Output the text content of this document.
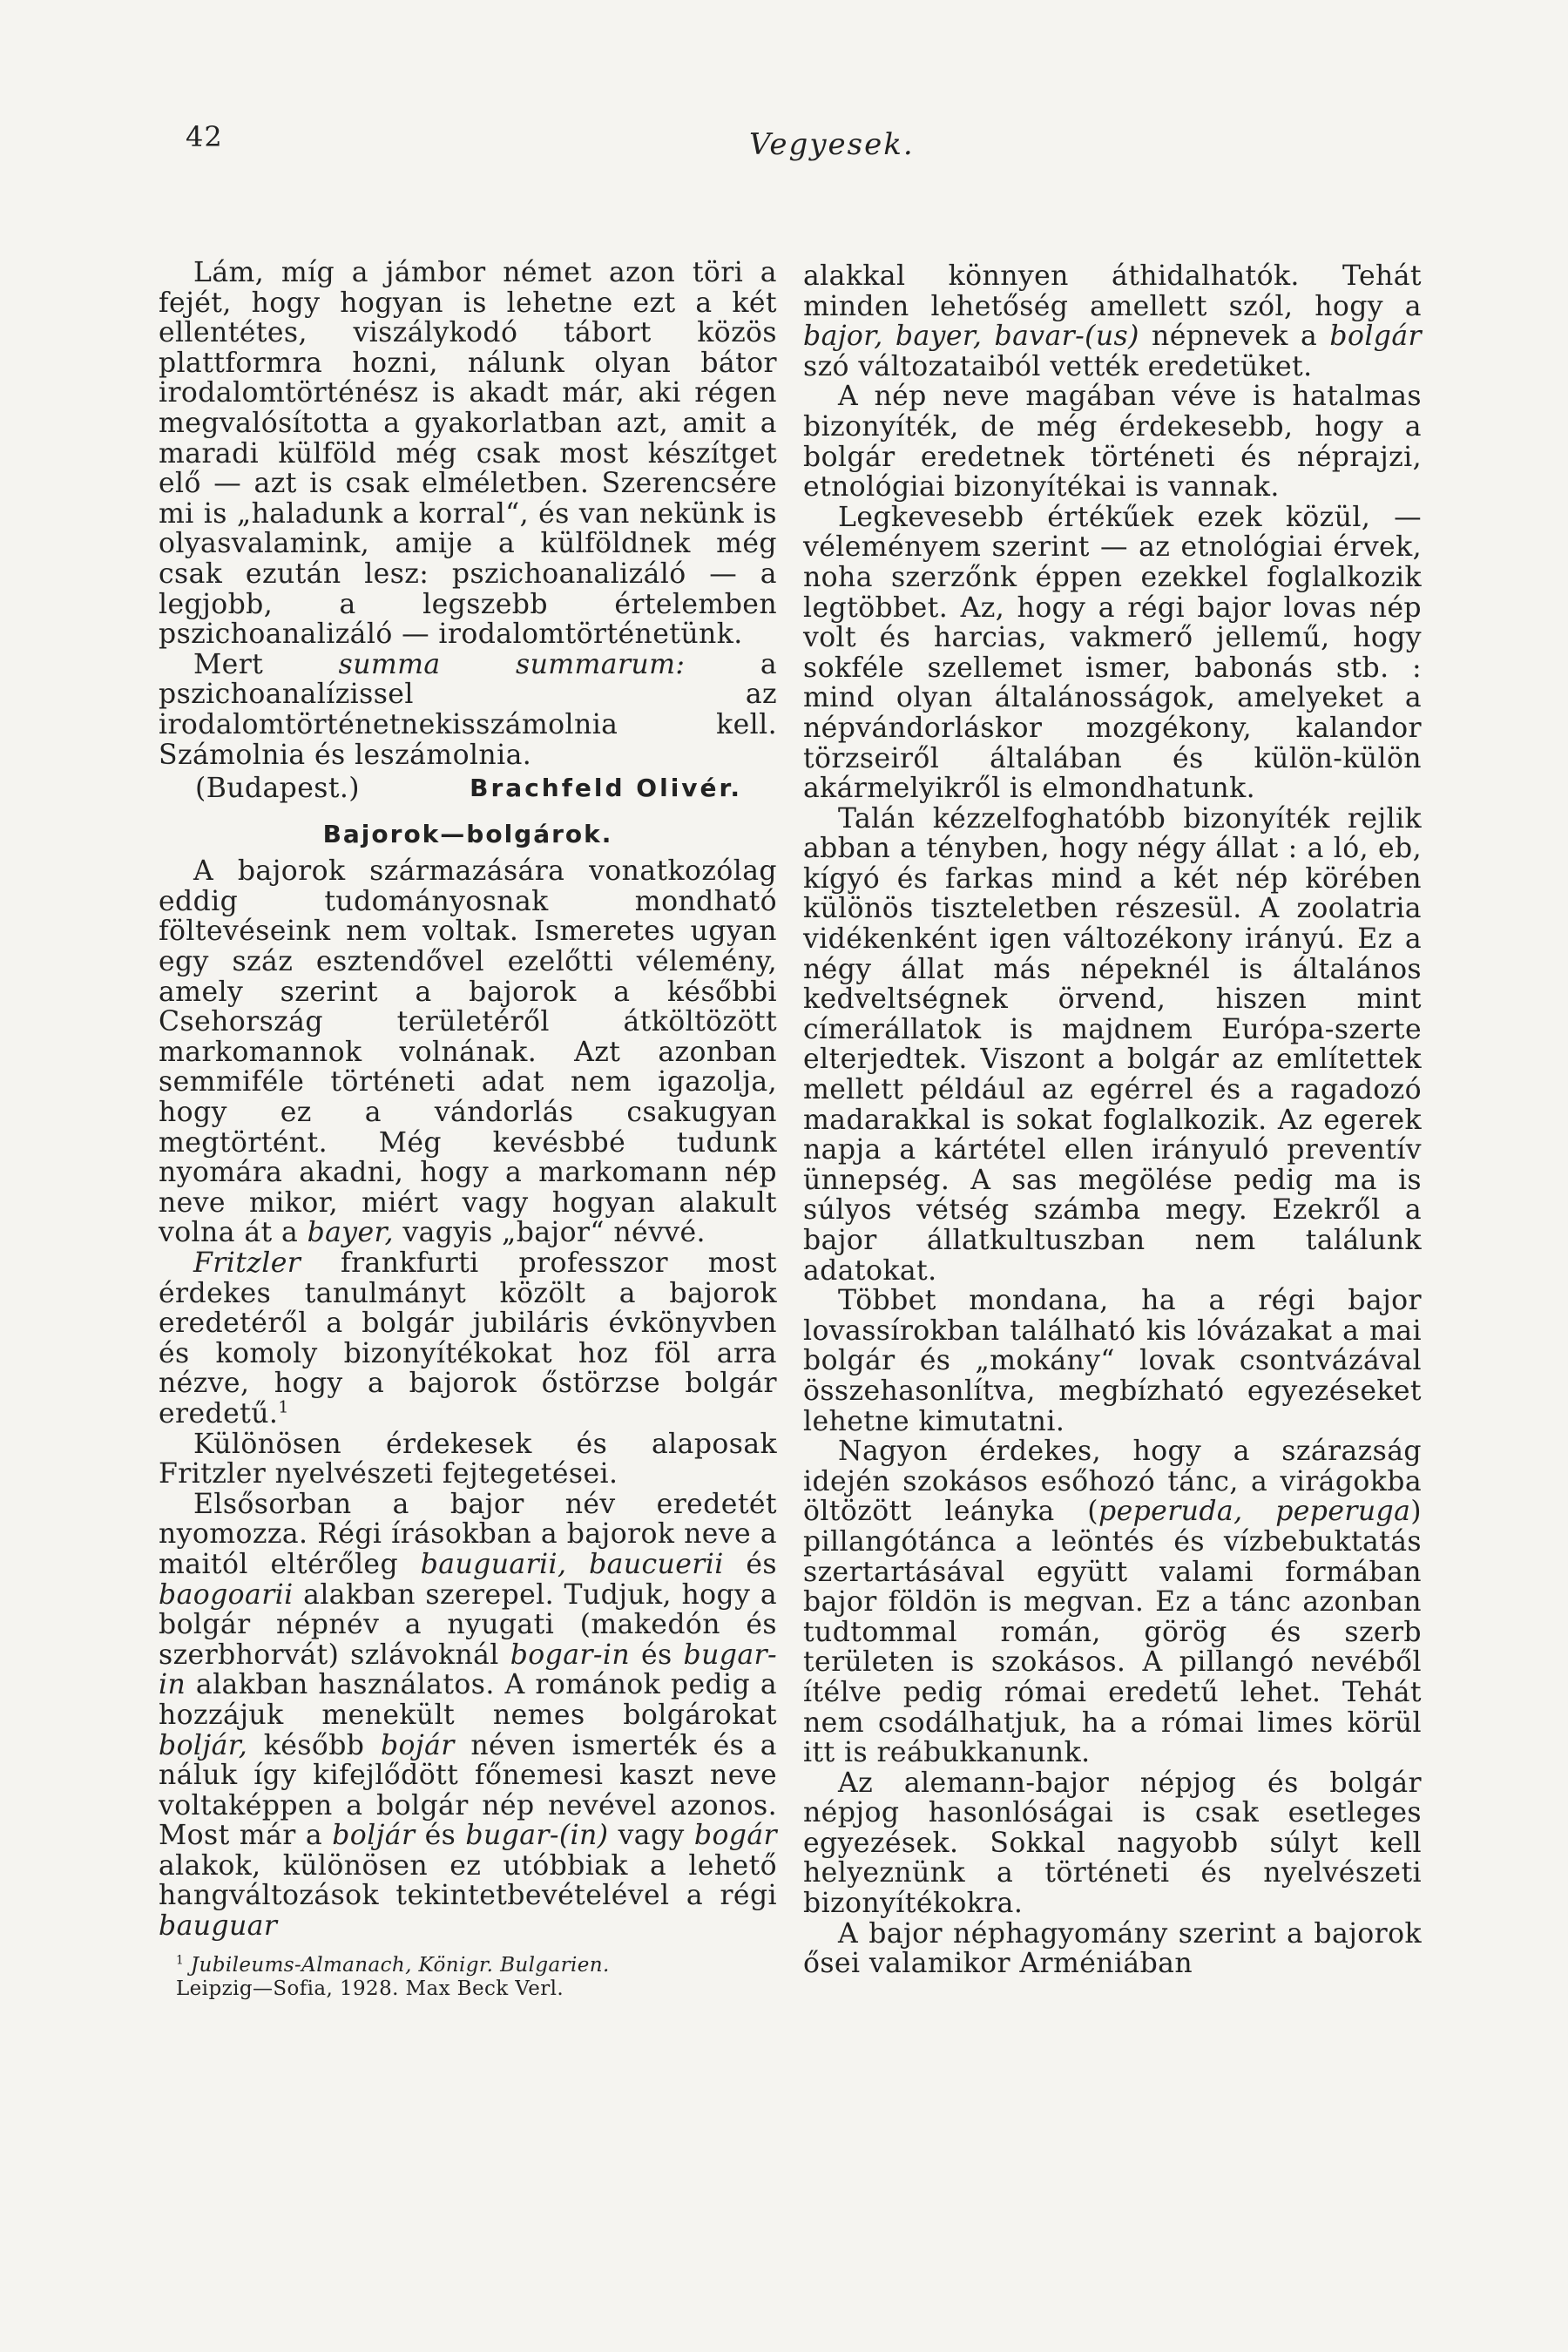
42	Vegyesek.

Lám, míg a jámbor német azon töri a fejét, hogy hogyan is lehetne ezt a két ellentétes, viszálykodó tábort közös plattformra hozni, nálunk olyan bátor irodalomtörténész is akadt már, aki régen megvalósította a gyakorlatban azt, amit a maradi külföld még csak most készítget elő — azt is csak elméletben. Szerencsére mi is „haladunk a korral“, és van nekünk is olyasvalamink, amije a külföldnek még csak ezután lesz: pszichoanalizáló — a legjobb, a legszebb értelemben pszichoanalizáló — irodalomtörténetünk.

Mert summa summarum: a pszichoanalízissel az irodalomtörténetnekisszámolnia kell. Számolnia és leszámolnia.

(Budapest.)	Brachfeld Olivér.
Bajorok—bolgárok.

A bajorok származására vonatkozólag eddig tudományosnak mondható föltevéseink nem voltak. Ismeretes ugyan egy száz esztendővel ezelőtti vélemény, amely szerint a bajorok a későbbi Csehország területéről átköltözött markomannok volnának. Azt azonban semmiféle történeti adat nem igazolja, hogy ez a vándorlás csakugyan megtörtént. Még kevésbbé tudunk nyomára akadni, hogy a markomann nép neve mikor, miért vagy hogyan alakult volna át a bayer, vagyis „bajor“ névvé.

Fritzler frankfurti professzor most érdekes tanulmányt közölt a bajorok eredetéről a bolgár jubiláris évkönyvben és komoly bizonyítékokat hoz föl arra nézve, hogy a bajorok őstörzse bolgár eredetű.$^1$

Különösen érdekesek és alaposak Fritzler nyelvészeti fejtegetései.

Elsősorban a bajor név eredetét nyomozza. Régi írásokban a bajorok neve a maitól eltérőleg bauguarii, baucuerii és baogoarii alakban szerepel. Tudjuk, hogy a bolgár népnév a nyugati (makedón és szerbhorvát) szlávoknál bogar-in és bugar-in alakban használatos. A románok pedig a hozzájuk menekült nemes bolgárokat boljár, később bojár néven ismerték és a náluk így kifejlődött főnemesi kaszt neve voltaképpen a bolgár nép nevével azonos. Most már a boljár és bugar-(in) vagy bogár alakok, különösen ez utóbbiak a lehető hangváltozások tekintetbevételével a régi bauguar

$^1$ Jubileums-Almanach, Königr. Bulgarien.
Leipzig—Sofia, 1928. Max Beck Verl.

alakkal könnyen áthidalhatók. Tehát minden lehetőség amellett szól, hogy a bajor, bayer, bavar-(us) népnevek a bolgár szó változataiból vették eredetüket.

A nép neve magában véve is hatalmas bizonyíték, de még érdekesebb, hogy a bolgár eredetnek történeti és néprajzi, etnológiai bizonyítékai is vannak.

Legkevesebb értékűek ezek közül, — véleményem szerint — az etnológiai érvek, noha szerzőnk éppen ezekkel foglalkozik legtöbbet. Az, hogy a régi bajor lovas nép volt és harcias, vakmerő jellemű, hogy sokféle szellemet ismer, babonás stb. : mind olyan általánosságok, amelyeket a népvándorláskor mozgékony, kalandor törzseiről általában és külön-külön akármelyikről is elmondhatunk.

Talán kézzelfoghatóbb bizonyíték rejlik abban a tényben, hogy négy állat : a ló, eb, kígyó és farkas mind a két nép körében különös tiszteletben részesül. A zoolatria vidékenként igen változékony irányú. Ez a négy állat más népeknél is általános kedveltségnek örvend, hiszen mint címerállatok is majdnem Európa-szerte elterjedtek. Viszont a bolgár az említettek mellett például az egérrel és a ragadozó madarakkal is sokat foglalkozik. Az egerek napja a kártétel ellen irányuló preventív ünnepség. A sas megölése pedig ma is súlyos vétség számba megy. Ezekről a bajor állatkultuszban nem találunk adatokat.

Többet mondana, ha a régi bajor lovassírokban található kis lóvázakat a mai bolgár és „mokány“ lovak csontvázával összehasonlítva, megbízható egyezéseket lehetne kimutatni.

Nagyon érdekes, hogy a szárazság idején szokásos esőhozó tánc, a virágokba öltözött leányka (peperuda, peperuga) pillangótánca a leöntés és vízbebuktatás szertartásával együtt valami formában bajor földön is megvan. Ez a tánc azonban tudtommal román, görög és szerb területen is szokásos. A pillangó nevéből ítélve pedig római eredetű lehet. Tehát nem csodálhatjuk, ha a római limes körül itt is reábukkanunk.

Az alemann-bajor népjog és bolgár népjog hasonlóságai is csak esetleges egyezések. Sokkal nagyobb súlyt kell helyeznünk a történeti és nyelvészeti bizonyítékokra.

A bajor néphagyomány szerint a bajorok ősei valamikor Arméniában
